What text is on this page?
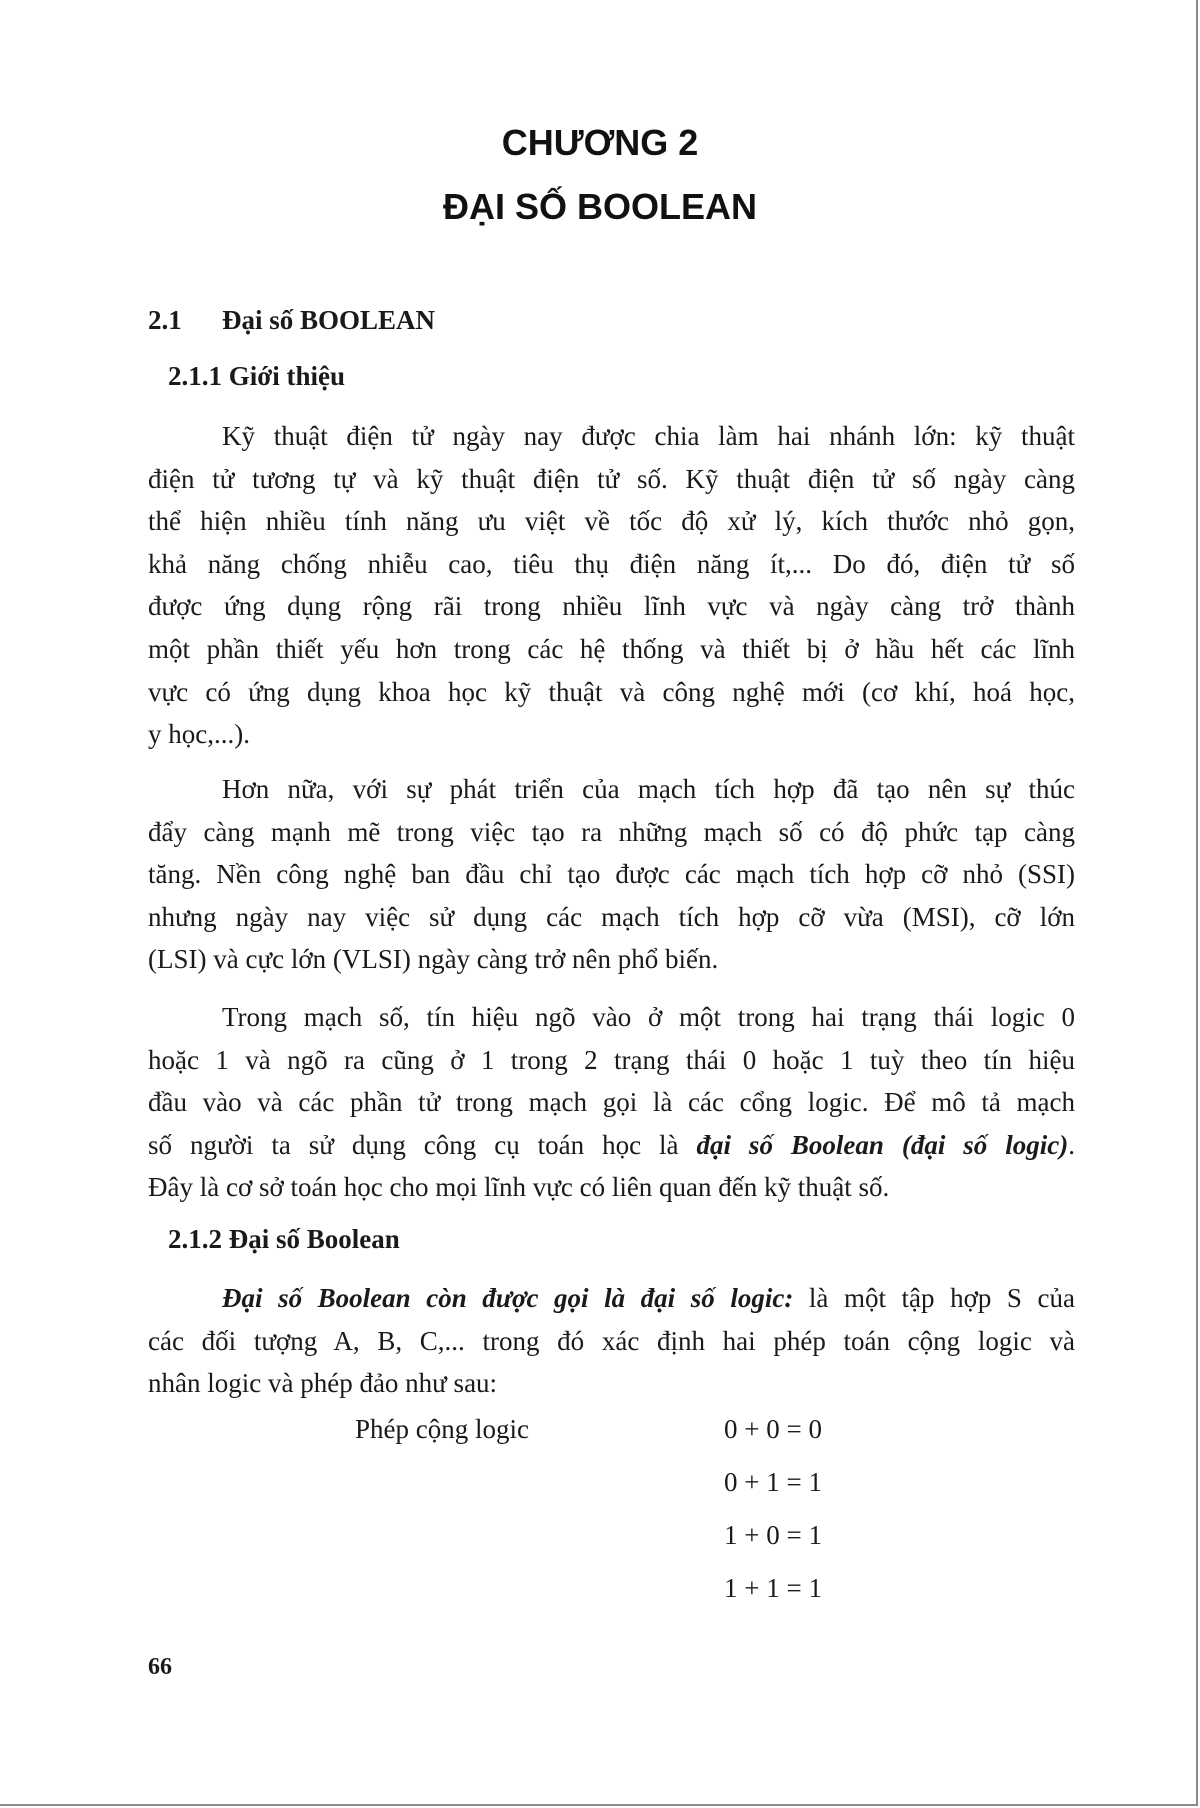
CHƯƠNG 2
ĐẠI SỐ BOOLEAN
2.1 Đại số BOOLEAN
2.1.1 Giới thiệu
Kỹ thuật điện tử ngày nay được chia làm hai nhánh lớn: kỹ thuật
điện tử tương tự và kỹ thuật điện tử số. Kỹ thuật điện tử số ngày càng
thể hiện nhiều tính năng ưu việt về tốc độ xử lý, kích thước nhỏ gọn,
khả năng chống nhiễu cao, tiêu thụ điện năng ít,... Do đó, điện tử số
được ứng dụng rộng rãi trong nhiều lĩnh vực và ngày càng trở thành
một phần thiết yếu hơn trong các hệ thống và thiết bị ở hầu hết các lĩnh
vực có ứng dụng khoa học kỹ thuật và công nghệ mới (cơ khí, hoá học,
y học,...).
Hơn nữa, với sự phát triển của mạch tích hợp đã tạo nên sự thúc
đẩy càng mạnh mẽ trong việc tạo ra những mạch số có độ phức tạp càng
tăng. Nền công nghệ ban đầu chỉ tạo được các mạch tích hợp cỡ nhỏ (SSI)
nhưng ngày nay việc sử dụng các mạch tích hợp cỡ vừa (MSI), cỡ lớn
(LSI) và cực lớn (VLSI) ngày càng trở nên phổ biến.
Trong mạch số, tín hiệu ngõ vào ở một trong hai trạng thái logic 0
hoặc 1 và ngõ ra cũng ở 1 trong 2 trạng thái 0 hoặc 1 tuỳ theo tín hiệu
đầu vào và các phần tử trong mạch gọi là các cổng logic. Để mô tả mạch
số người ta sử dụng công cụ toán học là đại số Boolean (đại số logic).
Đây là cơ sở toán học cho mọi lĩnh vực có liên quan đến kỹ thuật số.
2.1.2 Đại số Boolean
Đại số Boolean còn được gọi là đại số logic: là một tập hợp S của
các đối tượng A, B, C,... trong đó xác định hai phép toán cộng logic và
nhân logic và phép đảo như sau:
Phép cộng logic	0 + 0 = 0
0 + 1 = 1
1 + 0 = 1
1 + 1 = 1
66
